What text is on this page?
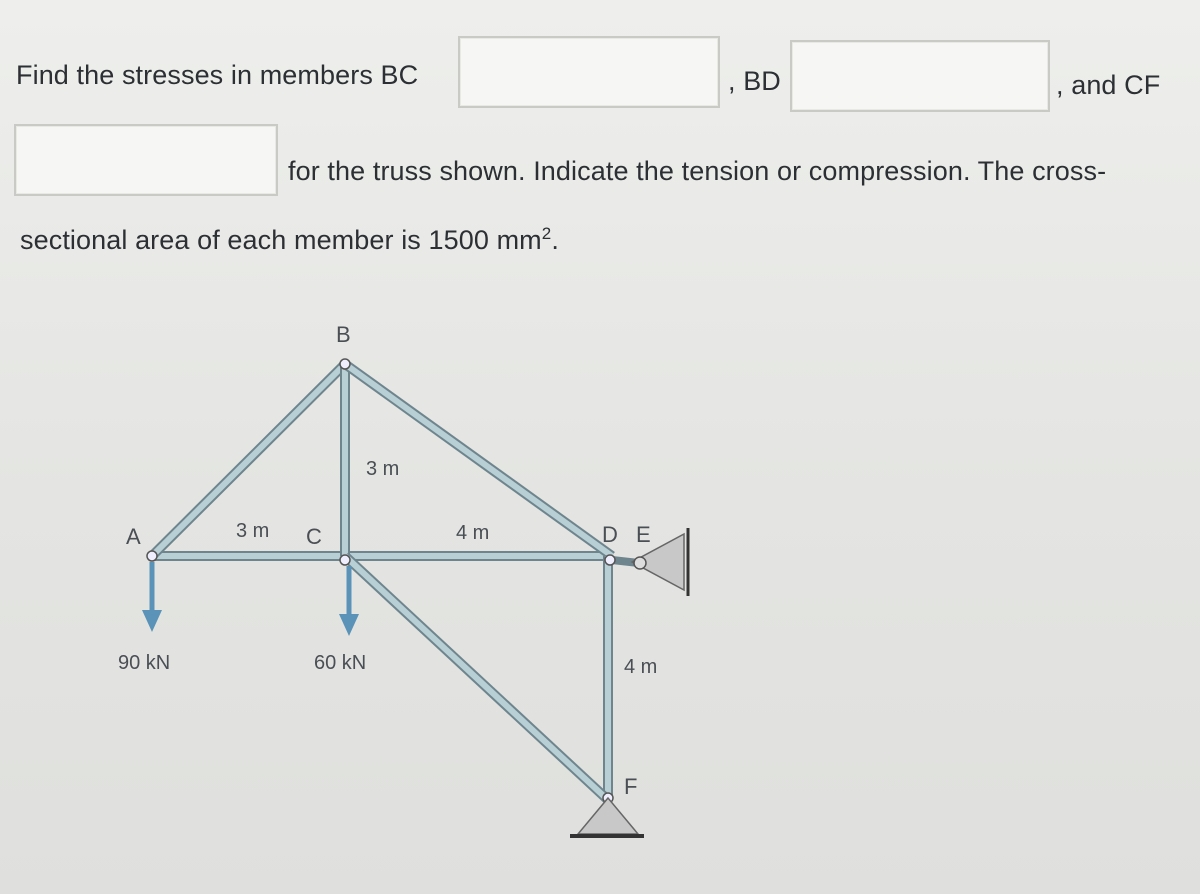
Find the stresses in members BC	, BD	, and CF
for the truss shown. Indicate the tension or compression. The cross-
sectional area of each member is 1500 $mm^2$.
B
A	C	D E
F
3 m
3 m
4 m
4 m
90 kN	60 kN
